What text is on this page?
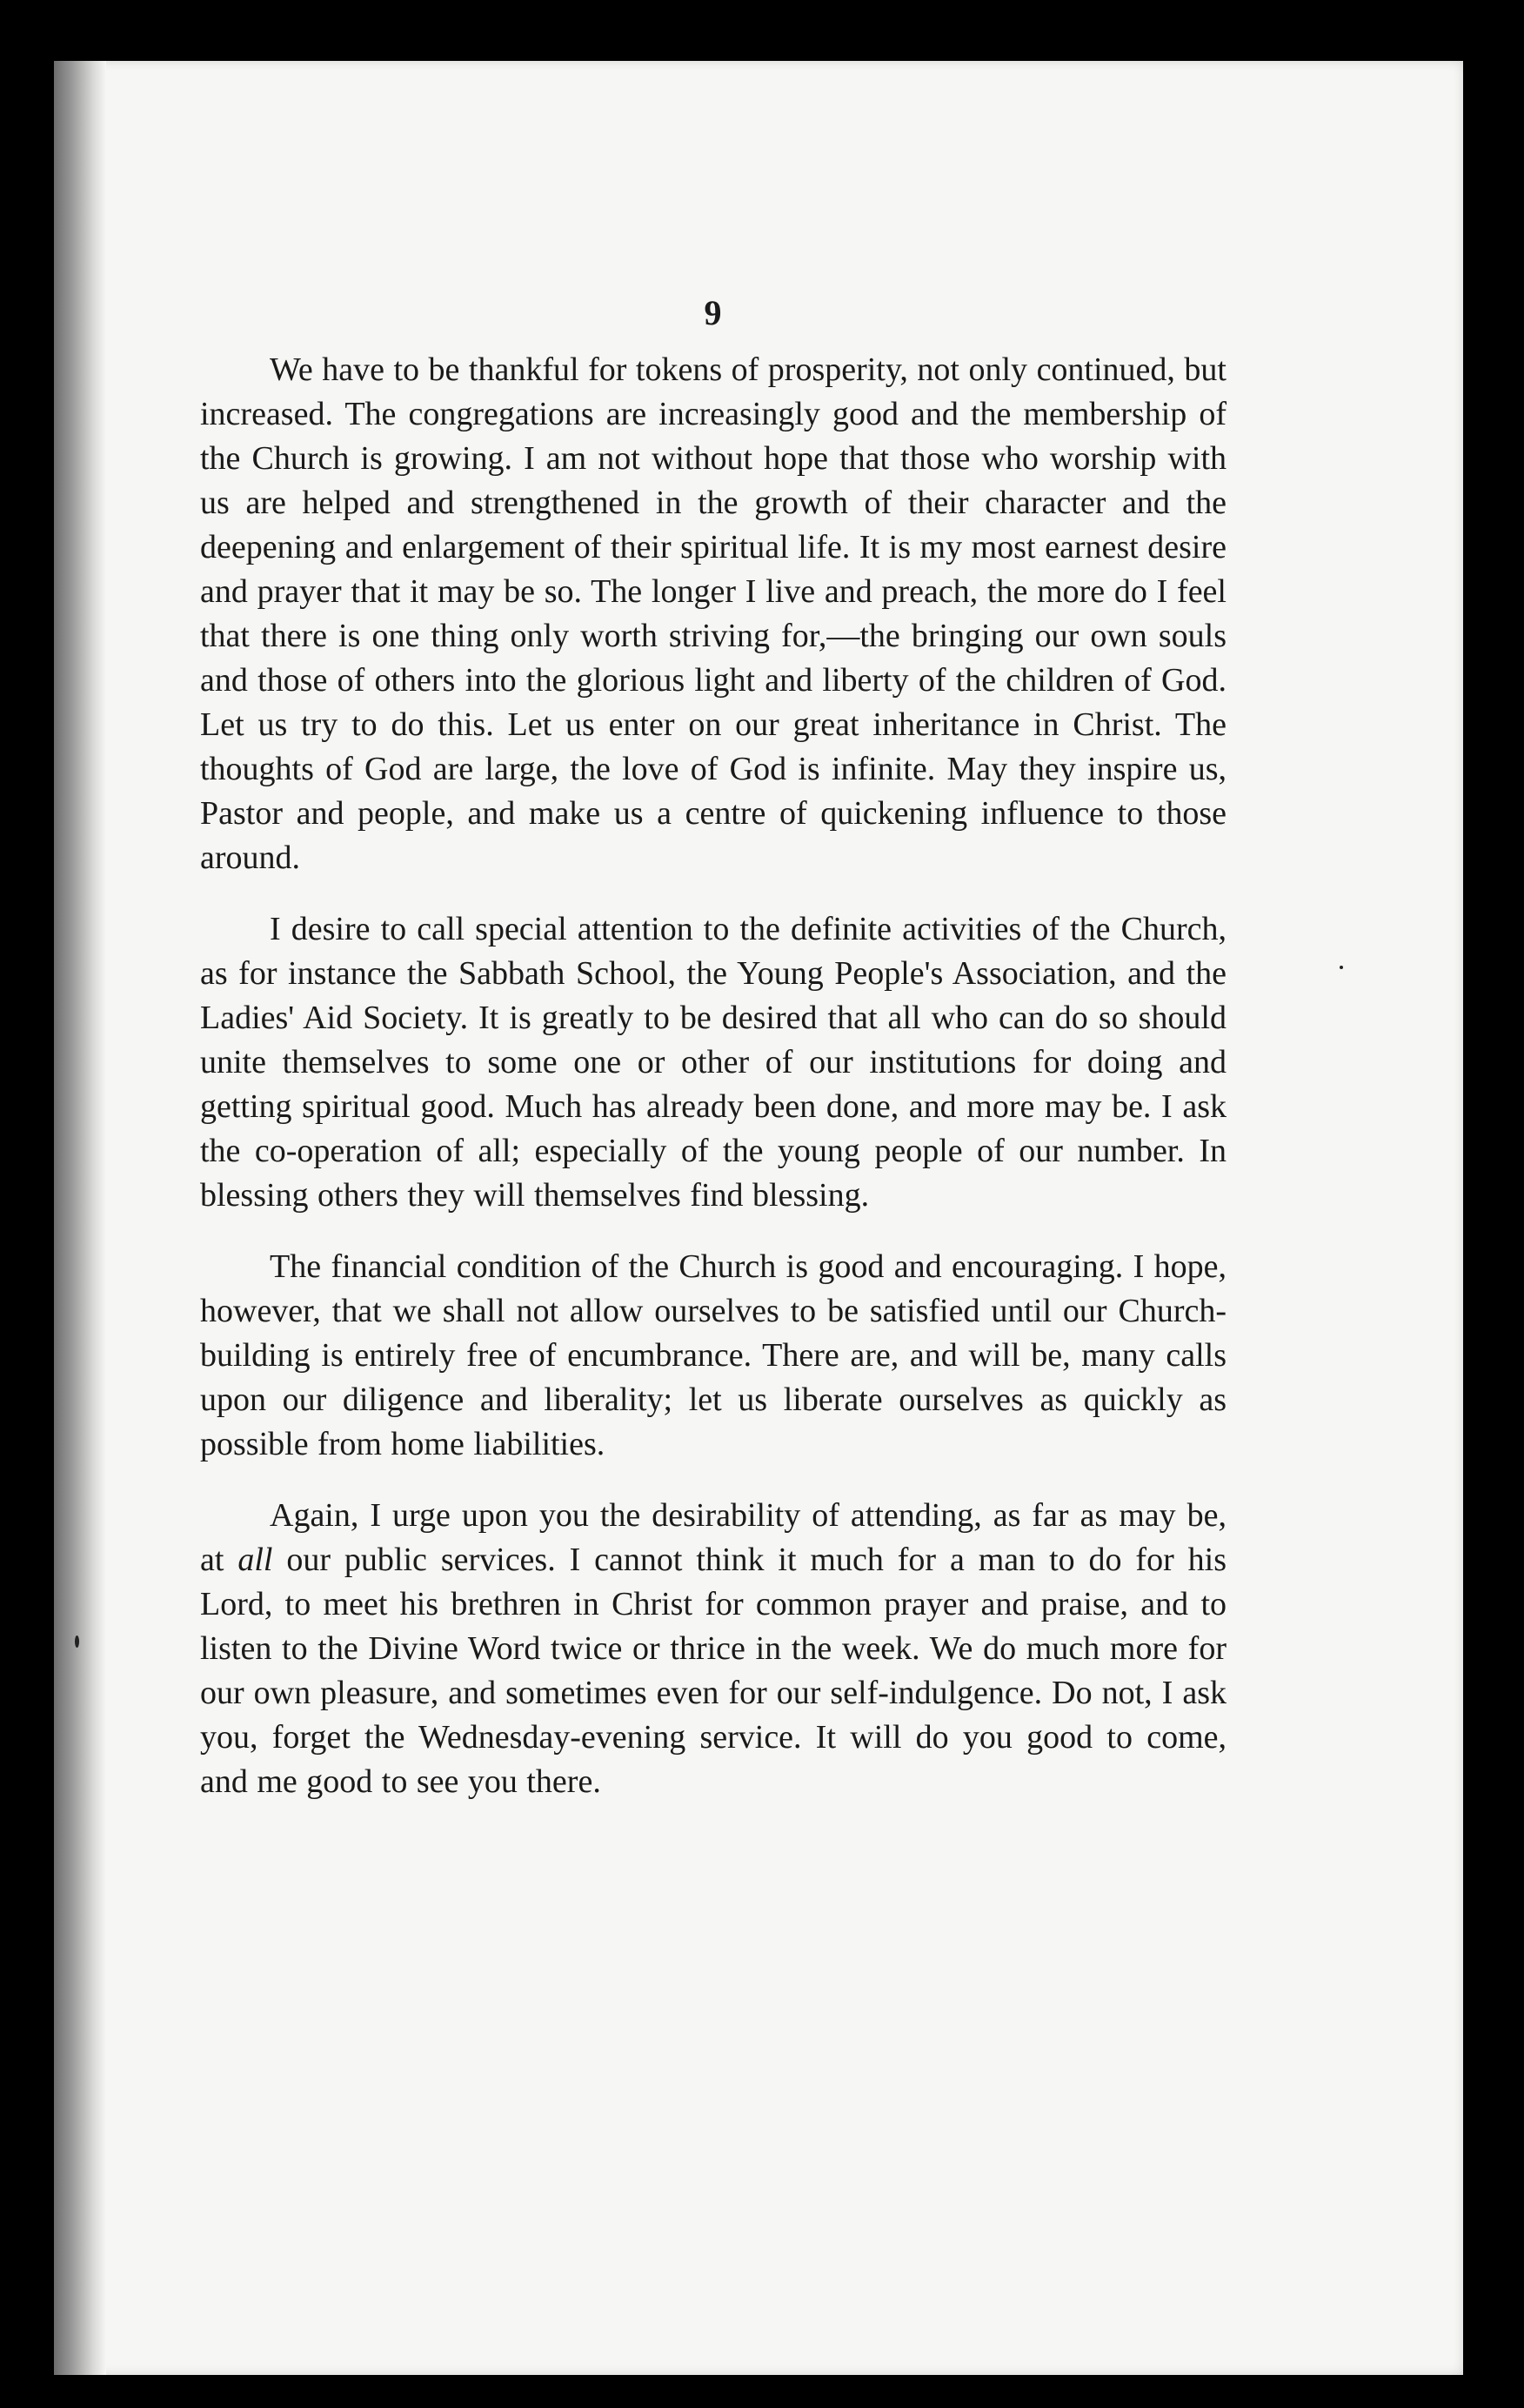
9

We have to be thankful for tokens of prosperity, not only continued, but increased. The congregations are increasingly good and the membership of the Church is growing. I am not without hope that those who worship with us are helped and strengthened in the growth of their character and the deepening and enlargement of their spiritual life. It is my most earnest desire and prayer that it may be so. The longer I live and preach, the more do I feel that there is one thing only worth striving for,—the bringing our own souls and those of others into the glorious light and liberty of the children of God. Let us try to do this. Let us enter on our great inheritance in Christ. The thoughts of God are large, the love of God is infinite. May they inspire us, Pastor and people, and make us a centre of quickening influence to those around.

I desire to call special attention to the definite activities of the Church, as for instance the Sabbath School, the Young People's Association, and the Ladies' Aid Society. It is greatly to be desired that all who can do so should unite themselves to some one or other of our institutions for doing and getting spiritual good. Much has already been done, and more may be. I ask the co-operation of all; especially of the young people of our number. In blessing others they will themselves find blessing.

The financial condition of the Church is good and encouraging. I hope, however, that we shall not allow ourselves to be satisfied until our Church-building is entirely free of encumbrance. There are, and will be, many calls upon our diligence and liberality; let us liberate ourselves as quickly as possible from home liabilities.

Again, I urge upon you the desirability of attending, as far as may be, at all our public services. I cannot think it much for a man to do for his Lord, to meet his brethren in Christ for common prayer and praise, and to listen to the Divine Word twice or thrice in the week. We do much more for our own pleasure, and sometimes even for our self-indulgence. Do not, I ask you, forget the Wednesday-evening service. It will do you good to come, and me good to see you there.
